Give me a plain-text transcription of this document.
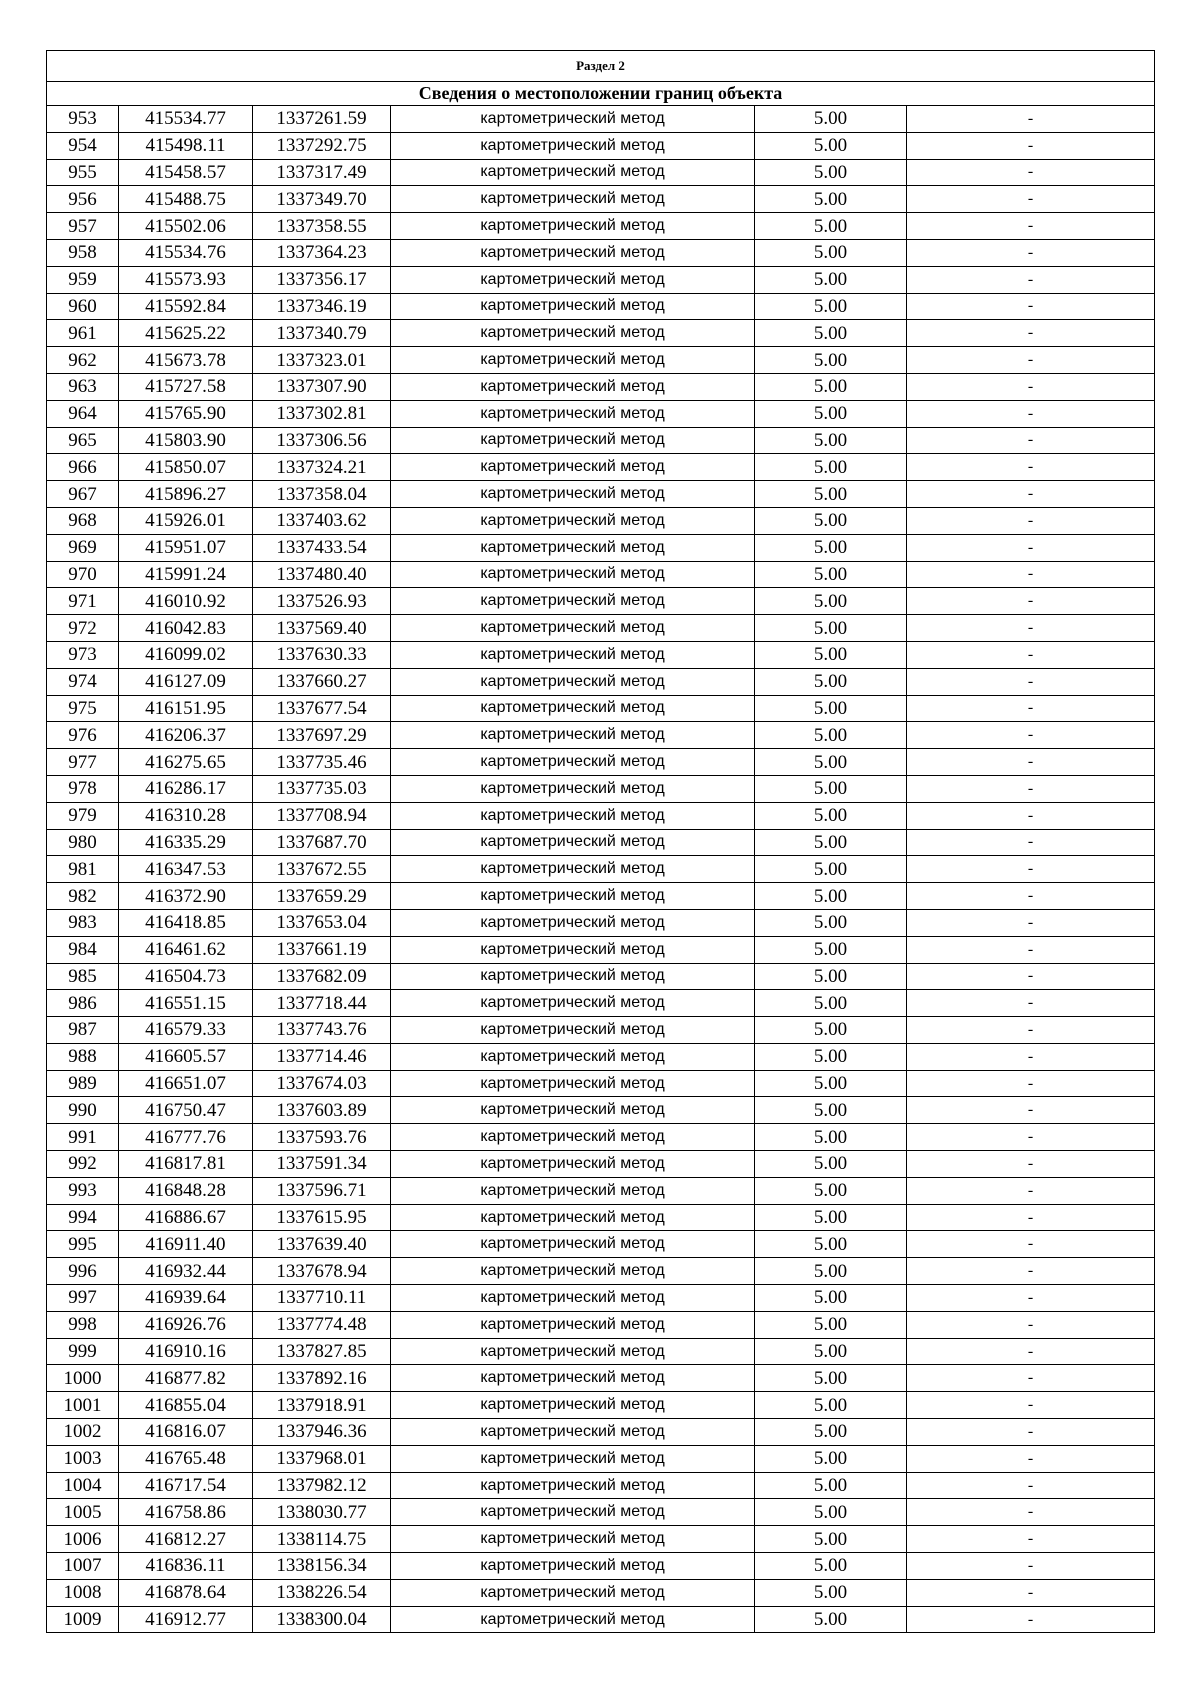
Раздел 2					
Сведения о местоположении границ объекта					
953	415534.77	1337261.59	картометрический метод	5.00	-
954	415498.11	1337292.75	картометрический метод	5.00	-
955	415458.57	1337317.49	картометрический метод	5.00	-
956	415488.75	1337349.70	картометрический метод	5.00	-
957	415502.06	1337358.55	картометрический метод	5.00	-
958	415534.76	1337364.23	картометрический метод	5.00	-
959	415573.93	1337356.17	картометрический метод	5.00	-
960	415592.84	1337346.19	картометрический метод	5.00	-
961	415625.22	1337340.79	картометрический метод	5.00	-
962	415673.78	1337323.01	картометрический метод	5.00	-
963	415727.58	1337307.90	картометрический метод	5.00	-
964	415765.90	1337302.81	картометрический метод	5.00	-
965	415803.90	1337306.56	картометрический метод	5.00	-
966	415850.07	1337324.21	картометрический метод	5.00	-
967	415896.27	1337358.04	картометрический метод	5.00	-
968	415926.01	1337403.62	картометрический метод	5.00	-
969	415951.07	1337433.54	картометрический метод	5.00	-
970	415991.24	1337480.40	картометрический метод	5.00	-
971	416010.92	1337526.93	картометрический метод	5.00	-
972	416042.83	1337569.40	картометрический метод	5.00	-
973	416099.02	1337630.33	картометрический метод	5.00	-
974	416127.09	1337660.27	картометрический метод	5.00	-
975	416151.95	1337677.54	картометрический метод	5.00	-
976	416206.37	1337697.29	картометрический метод	5.00	-
977	416275.65	1337735.46	картометрический метод	5.00	-
978	416286.17	1337735.03	картометрический метод	5.00	-
979	416310.28	1337708.94	картометрический метод	5.00	-
980	416335.29	1337687.70	картометрический метод	5.00	-
981	416347.53	1337672.55	картометрический метод	5.00	-
982	416372.90	1337659.29	картометрический метод	5.00	-
983	416418.85	1337653.04	картометрический метод	5.00	-
984	416461.62	1337661.19	картометрический метод	5.00	-
985	416504.73	1337682.09	картометрический метод	5.00	-
986	416551.15	1337718.44	картометрический метод	5.00	-
987	416579.33	1337743.76	картометрический метод	5.00	-
988	416605.57	1337714.46	картометрический метод	5.00	-
989	416651.07	1337674.03	картометрический метод	5.00	-
990	416750.47	1337603.89	картометрический метод	5.00	-
991	416777.76	1337593.76	картометрический метод	5.00	-
992	416817.81	1337591.34	картометрический метод	5.00	-
993	416848.28	1337596.71	картометрический метод	5.00	-
994	416886.67	1337615.95	картометрический метод	5.00	-
995	416911.40	1337639.40	картометрический метод	5.00	-
996	416932.44	1337678.94	картометрический метод	5.00	-
997	416939.64	1337710.11	картометрический метод	5.00	-
998	416926.76	1337774.48	картометрический метод	5.00	-
999	416910.16	1337827.85	картометрический метод	5.00	-
1000	416877.82	1337892.16	картометрический метод	5.00	-
1001	416855.04	1337918.91	картометрический метод	5.00	-
1002	416816.07	1337946.36	картометрический метод	5.00	-
1003	416765.48	1337968.01	картометрический метод	5.00	-
1004	416717.54	1337982.12	картометрический метод	5.00	-
1005	416758.86	1338030.77	картометрический метод	5.00	-
1006	416812.27	1338114.75	картометрический метод	5.00	-
1007	416836.11	1338156.34	картометрический метод	5.00	-
1008	416878.64	1338226.54	картометрический метод	5.00	-
1009	416912.77	1338300.04	картометрический метод	5.00	-
